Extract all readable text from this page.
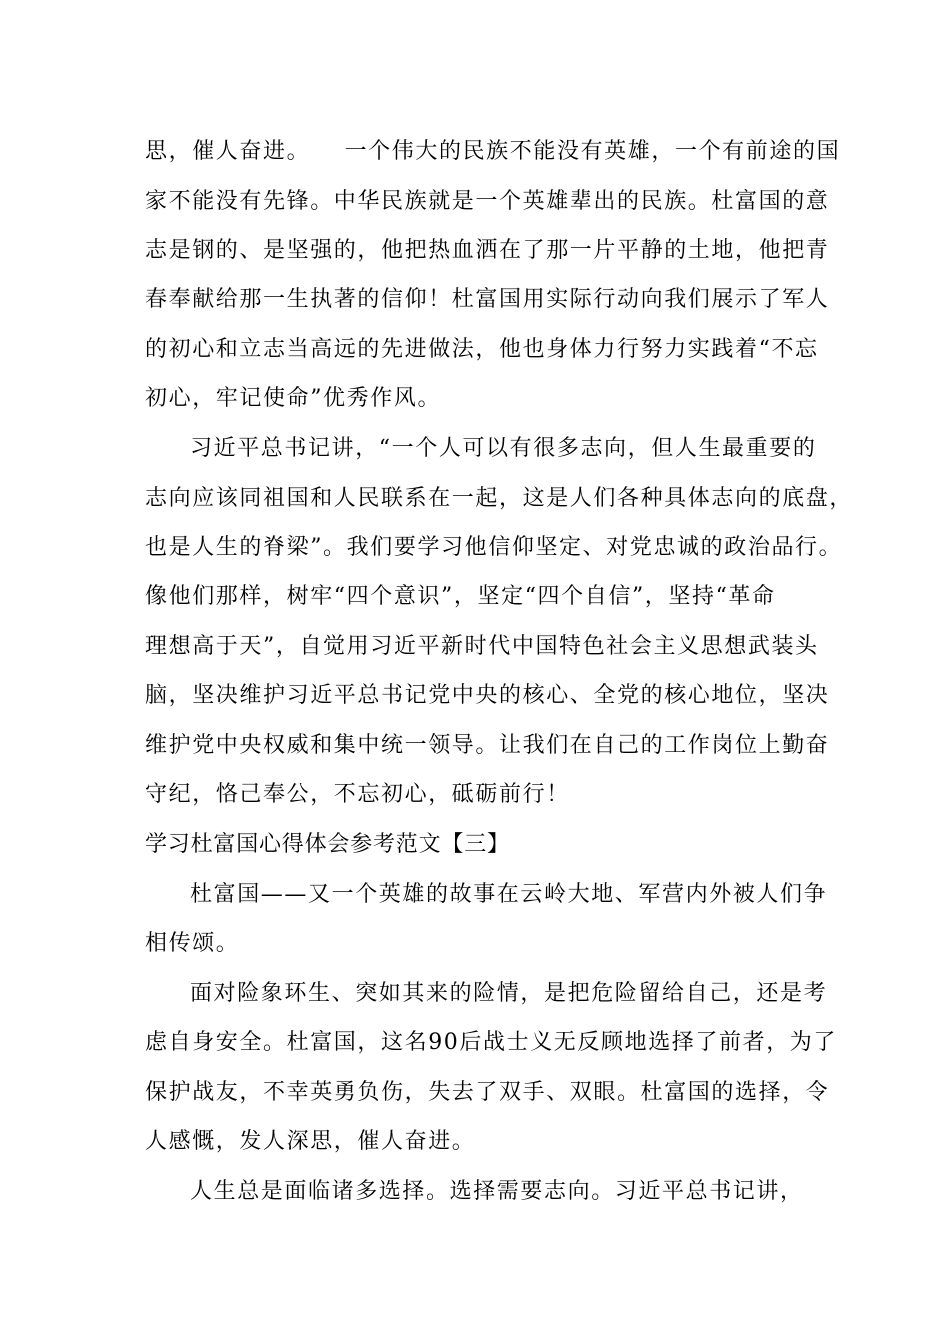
思，催人奋进。    一个伟大的民族不能没有英雄，一个有前途的国
家不能没有先锋。中华民族就是一个英雄辈出的民族。杜富国的意
志是钢的、是坚强的，他把热血洒在了那一片平静的土地，他把青
春奉献给那一生执著的信仰！杜富国用实际行动向我们展示了军人
的初心和立志当高远的先进做法，他也身体力行努力实践着“不忘
初心，牢记使命”优秀作风。
习近平总书记讲，“一个人可以有很多志向，但人生最重要的
志向应该同祖国和人民联系在一起，这是人们各种具体志向的底盘，
也是人生的脊梁”。我们要学习他信仰坚定、对党忠诚的政治品行。
像他们那样，树牢“四个意识”，坚定“四个自信”，坚持“革命
理想高于天”，自觉用习近平新时代中国特色社会主义思想武装头
脑，坚决维护习近平总书记党中央的核心、全党的核心地位，坚决
维护党中央权威和集中统一领导。让我们在自己的工作岗位上勤奋
守纪，恪己奉公，不忘初心，砥砺前行！
学习杜富国心得体会参考范文【三】
杜富国——又一个英雄的故事在云岭大地、军营内外被人们争
相传颂。
面对险象环生、突如其来的险情，是把危险留给自己，还是考
虑自身安全。杜富国，这名90后战士义无反顾地选择了前者，为了
保护战友，不幸英勇负伤，失去了双手、双眼。杜富国的选择，令
人感慨，发人深思，催人奋进。
人生总是面临诸多选择。选择需要志向。习近平总书记讲，
